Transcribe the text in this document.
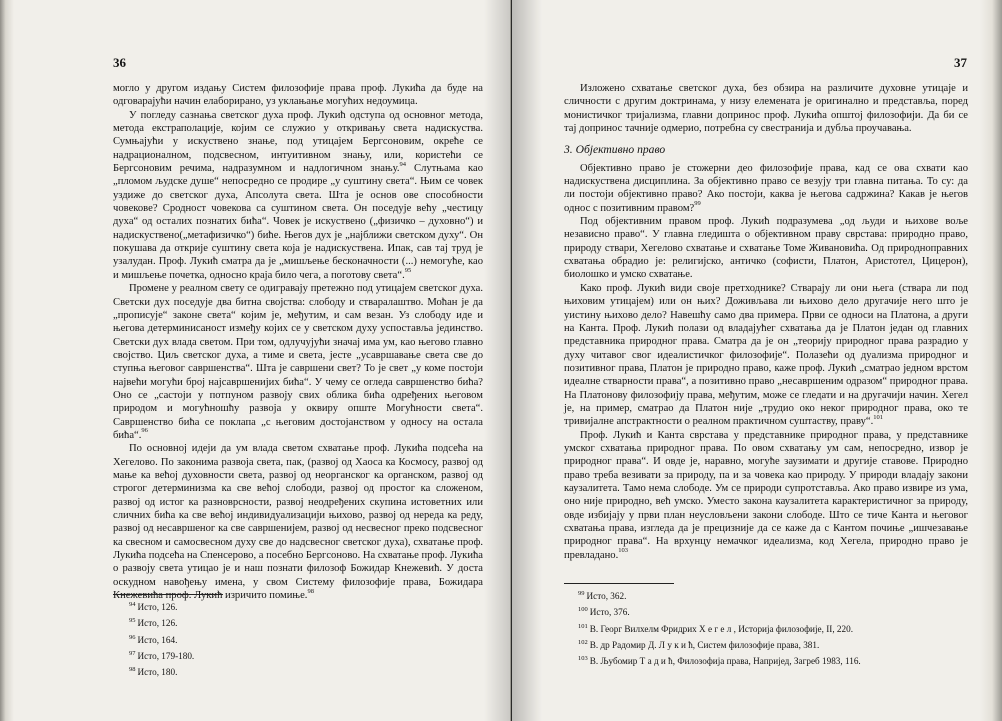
36

могло у другом издању Систем филозофије права проф. Лукића да буде на одговарајући начин елаборирано, уз уклањање могућих недоумица.

У погледу сазнања светског духа проф. Лукић одступа од основног метода, метода екстраполације, којим се служио у откривању света надискуства. Сумњајући у искуствено знање, под утицајем Бергсоновим, окреће се надрационалном, подсвесном, интуитивном знању, или, користећи се Бергсоновим речима, надразумном и надлогичном знању.$^{94}$ Слутњама као „пломом људске душе“ непосредно се продире „у суштину света“. Њим се човек уздиже до светског духа, Апсолута света. Шта је основ ове способности човекове? Сродност човекова са суштином света. Он поседује већу „честицу духа“ од осталих познатих бића“. Човек је искуствено („физичко – духовно“) и надискуствено(„метафизичко“) биће. Његов дух је „најближи светском духу“. Он покушава да открије суштину света која је надискуствена. Ипак, сав тај труд је узалудан. Проф. Лукић сматра да је „мишљење бесконачности (...) немогуће, као и мишљење почетка, односно краја било чега, а поготову света“.$^{95}$

Промене у реалном свету се одигравају претежно под утицајем светског духа. Светски дух поседује два битна својства: слободу и стваралаштво. Моћан је да „прописује“ законе света“ којим је, међутим, и сам везан. Уз слободу иде и његова детерминисаност између којих се у светском духу успоставља јединство. Светски дух влада светом. При том, одлучујући значај има ум, као његово главно својство. Циљ светског духа, а тиме и света, јесте „усавршавање света све до ступња његовог савршенства“. Шта је савршени свет? То је свет „у коме постоји највећи могући број најсавршенијих бића“. У чему се огледа савршенство бића? Оно се „састоји у потпуном развоју свих облика бића одређених његовом природом и могућношћу развоја у оквиру опште Могућности света“. Савршенство бића се поклапа „с његовим достојанством у односу на остала бића“.$^{96}$

По основној идеји да ум влада светом схватање проф. Лукића подсећа на Хегелово. По законима развоја света, пак, (развој од Хаоса ка Космосу, развој од мање ка већој духовности света, развој од неорганског ка органском, развој од строгог детерминизма ка све већој слободи, развој од простог ка сложеном, развој од истог ка разноврсности, развој неодређених скупина истоветних или сличних бића ка све већој индивидуализацији њихово, развој од нереда ка реду, развој од несавршеног ка све савршенијем, развој од несвесног преко подсвесног ка свесном и самосвесном духу све до надсвесног светског духа), схватање проф. Лукића подсећа на Спенсерово, а посебно Бергсоново. На схватање проф. Лукића о развоју света утицао је и наш познати филозоф Божидар Кнежевић. У доста оскудном навођењу имена, у свом Систему филозофије права, Божидара Кнежевића проф. Лукић изричито помиње.$^{98}$

$^{94}$ Исто, 126.
$^{95}$ Исто, 126.
$^{96}$ Исто, 164.
$^{97}$ Исто, 179-180.
$^{98}$ Исто, 180.
37

Изложено схватање светског духа, без обзира на различите духовне утицаје и сличности с другим доктринама, у низу елемената је оригинално и представља, поред монистичког тријализма, главни допринос проф. Лукића општој филозофији. Да би се тај допринос тачније одмерио, потребна су свестранија и дубља проучавања.

3. Објективно право

Објективно право је стожерни део филозофије права, кад се ова схвати као надискуствена дисциплина. За објективно право се везују три главна питања. То су: да ли постоји објективно право? Ако постоји, каква је његова садржина? Какав је његов однос с позитивним правом?$^{99}$

Под објективним правом проф. Лукић подразумева „од људи и њихове воље независно право“. У главна гледишта о објективном праву сврстава: природно право, природу ствари, Хегелово схватање и схватање Томе Живановића. Од природноправних схватања обрадио је: религијско, античко (софисти, Платон, Аристотел, Цицерон), биолошко и умско схватање.

Како проф. Лукић види своје претходнике? Стварају ли они њега (ствара ли под њиховим утицајем) или он њих? Доживљава ли њихово дело другачије него што је уистину њихово дело? Навешћу само два примера. Први се односи на Платона, а други на Канта. Проф. Лукић полази од владајућег схватања да је Платон један од главних представника природног права. Сматра да је он „теорију природног права разрадио у духу читавог свог идеалистичког филозофије“. Полазећи од дуализма природног и позитивног права, Платон је природно право, каже проф. Лукић „сматрао једном врстом идеалне стварности права“, а позитивно право „несавршеним одразом“ природног права. На Платонову филозофију права, међутим, може се гледати и на другачији начин. Хегел је, на пример, сматрао да Платон није „трудио око неког природног права, око те тривијалне апстрактности о реалном практичном суштаству, праву“.$^{101}$

Проф. Лукић и Канта сврстава у представнике природног права, у представнике умског схватања природног права. По овом схватању ум сам, непосредно, извор је природног права“. И овде је, наравно, могуће заузимати и другије ставове. Природно право треба везивати за природу, па и за човека као природу. У природи владају закони каузалитета. Тамо нема слободе. Ум се природи супротставља. Ако право извире из ума, оно није природно, већ умско. Уместо закона каузалитета карактеристичног за природу, овде избијају у први план неусловљени закони слободе. Што се тиче Канта и његовог схватања права, изгледа да је прецизније да се каже да с Кантом почиње „ишчезавање природног права“. На врхунцу немачког идеализма, код Хегела, природно право је превладано.$^{103}$

$^{99}$ Исто, 362.
$^{100}$ Исто, 376.
$^{101}$ В. Георг Вилхелм Фридрих Х е г е л , Историја филозофије, II, 220.
$^{102}$ В. др Радомир Д. Л у к и ћ, Систем филозофије права, 381.
$^{103}$ В. Љубомир Т а д и ћ, Филозофија права, Напријед, Загреб 1983, 116.
